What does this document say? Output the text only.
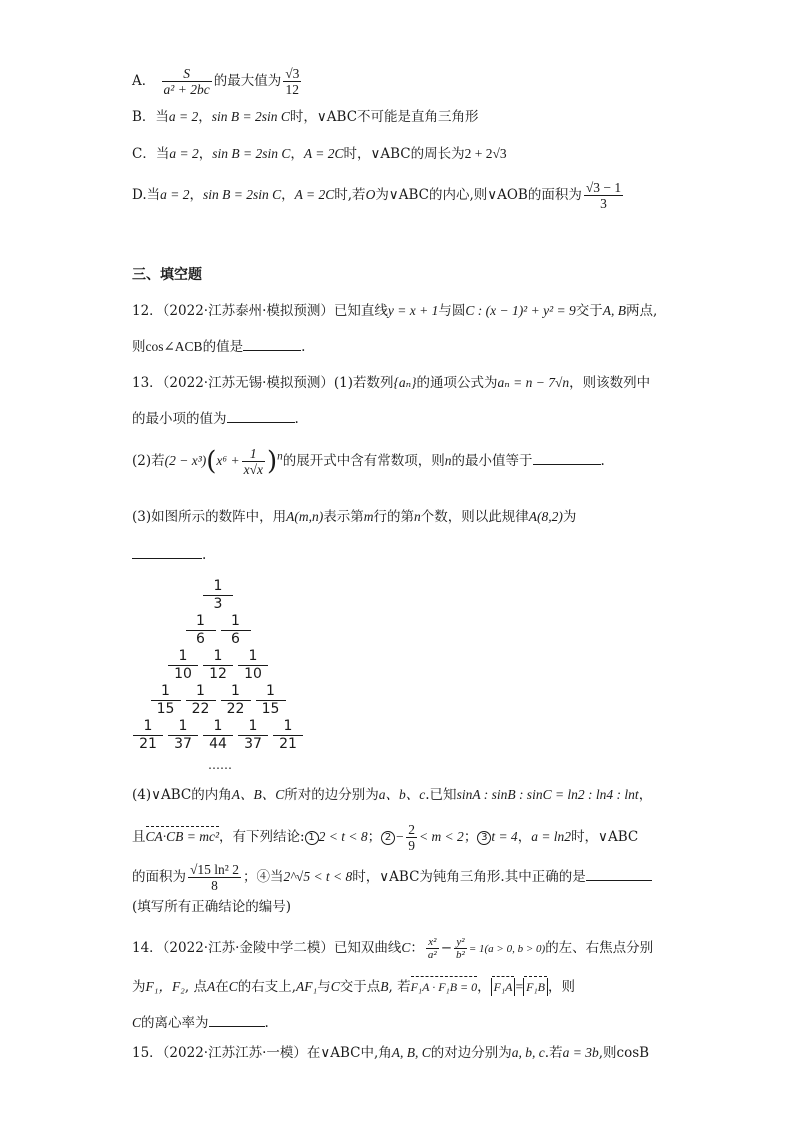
A． $\frac{S}{\text{a² + 2bc}}$ 的最大值为 $\frac{√3}{12}$
B．当a = 2，sin B = 2sin C时，∨ABC不可能是直角三角形
C．当a = 2，sin B = 2sin C，A = 2C时，∨ABC的周长为2 + 2√3
D.当a = 2，sin B = 2sin C，A = 2C时,若O为∨ABC的内心,则∨AOB的面积为 $\frac{√3 - 1}{3}$
三、填空题
12．（2022·江苏泰州·模拟预测）已知直线y = x + 1与圆C : (x − 1)² + y² = 9交于A, B两点,
则cos∠ACB的值是	.
13．（2022·江苏无锡·模拟预测）(1)若数列{aₙ}的通项公式为aₙ = n − 7√n，则该数列中
的最小项的值为	.
(2)若$(2 - x^3)(x^6 + \frac{1}{x√x} )^n$的展开式中含有常数项，则n的最小值等于	.
(3)如图所示的数阵中，用A(m,n)表示第m行的第n个数，则以此规律A(8,2)为
.
$\frac{1}{3}$
$\frac{1}{6} \frac{1}{6}$
$\frac{1}{10} \frac{1}{12} \frac{1}{10}$
$\frac{1}{15} \frac{1}{22} \frac{1}{22} \frac{1}{15}$
$\frac{1}{21} \frac{1}{37} \frac{1}{44} \frac{1}{37} \frac{1}{21}$
……
(4)∨ABC的内角A、B、C所对的边分别为a、b、c.已知sinA : sinB : sinC = ln2 : ln4 : lnt，
且CA·CB = mc²，有下列结论: 1 2 < t < 8； $2 - \frac{2}{9} < m < 2$； 3 t = 4，a = ln2时，∨ABC
的面积为 $\frac{\text{√15 ln² 2}}{8}$ ；④当2^√5 < t < 8时，∨ABC为钝角三角形.其中正确的是
(填写所有正确结论的编号)
14．（2022·江苏·金陵中学二模）已知双曲线C： $\frac{\text{x²}}{\text{a²}} - \frac{\text{y²}}{\text{b²}} = 1(a > 0$, b > 0)的左、右焦点分别
为F₁，F₂, 点A在C的右支上,AF₁与C交于点B, 若F₁A · F₁B = 0， F₁A = F₁B ，则
C的离心率为	.
15．（2022·江苏江苏·一模）在∨ABC中,角A, B, C的对边分别为a, b, c.若a = 3b,则cosB
